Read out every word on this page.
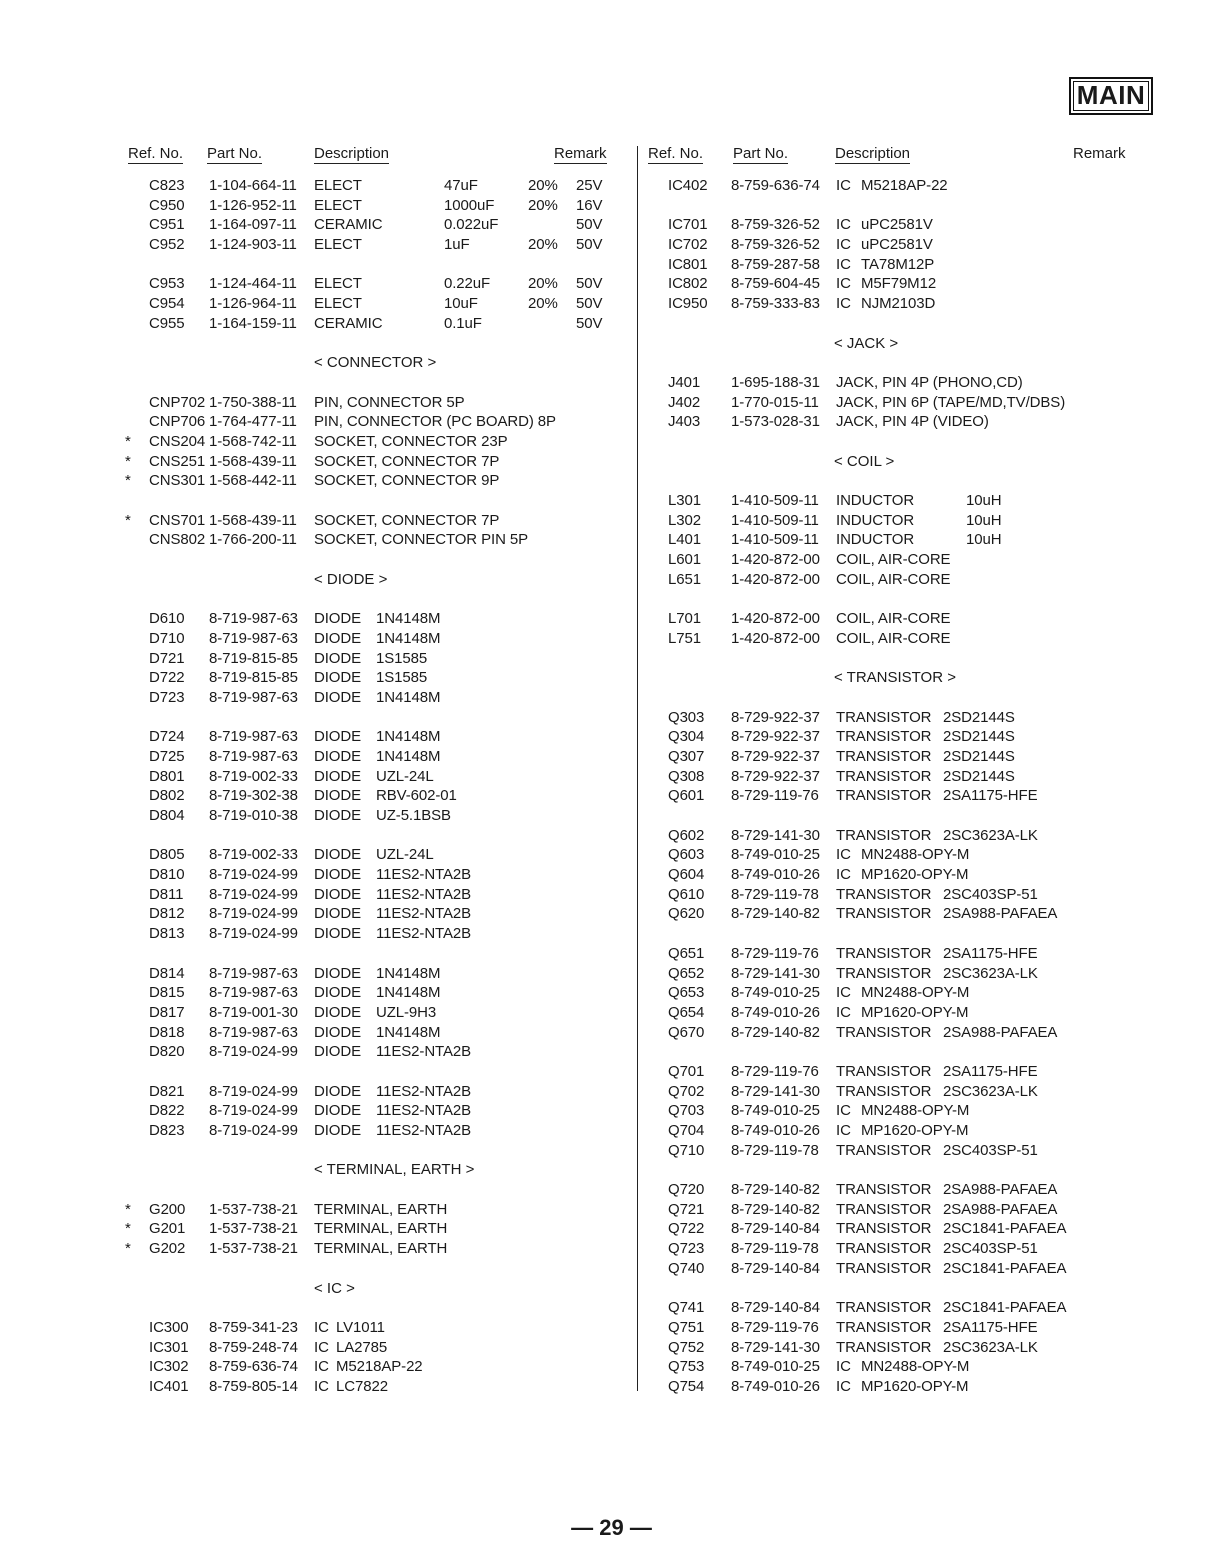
MAIN
Ref. No. Part No.	Description	Remark
C823 1-104-664-11 ELECT	47uF	20% 25V
C950 1-126-952-11 ELECT	1000uF 20% 16V
C951 1-164-097-11 CERAMIC	0.022uF	50V
C952 1-124-903-11 ELECT	1uF	20% 50V
C953 1-124-464-11 ELECT	0.22uF	20% 50V
C954 1-126-964-11 ELECT	10uF	20% 50V
C955 1-164-159-11 CERAMIC	0.1uF	50V
< CONNECTOR >
CNP702 1-750-388-11 PIN, CONNECTOR 5P
CNP706 1-764-477-11 PIN, CONNECTOR (PC BOARD) 8P
* CNS204 1-568-742-11 SOCKET, CONNECTOR 23P
* CNS251 1-568-439-11 SOCKET, CONNECTOR 7P
* CNS301 1-568-442-11 SOCKET, CONNECTOR 9P
* CNS701 1-568-439-11 SOCKET, CONNECTOR 7P
CNS802 1-766-200-11 SOCKET, CONNECTOR PIN 5P
< DIODE >
D610 8-719-987-63 DIODE 1N4148M
D710 8-719-987-63 DIODE 1N4148M
D721 8-719-815-85 DIODE 1S1585
D722 8-719-815-85 DIODE 1S1585
D723 8-719-987-63 DIODE 1N4148M
D724 8-719-987-63 DIODE 1N4148M
D725 8-719-987-63 DIODE 1N4148M
D801 8-719-002-33 DIODE UZL-24L
D802 8-719-302-38 DIODE RBV-602-01
D804 8-719-010-38 DIODE UZ-5.1BSB
D805 8-719-002-33 DIODE UZL-24L
D810 8-719-024-99 DIODE 11ES2-NTA2B
D811 8-719-024-99 DIODE 11ES2-NTA2B
D812 8-719-024-99 DIODE 11ES2-NTA2B
D813 8-719-024-99 DIODE 11ES2-NTA2B
D814 8-719-987-63 DIODE 1N4148M
D815 8-719-987-63 DIODE 1N4148M
D817 8-719-001-30 DIODE UZL-9H3
D818 8-719-987-63 DIODE 1N4148M
D820 8-719-024-99 DIODE 11ES2-NTA2B
D821 8-719-024-99 DIODE 11ES2-NTA2B
D822 8-719-024-99 DIODE 11ES2-NTA2B
D823 8-719-024-99 DIODE 11ES2-NTA2B
< TERMINAL, EARTH >
* G200 1-537-738-21 TERMINAL, EARTH
* G201 1-537-738-21 TERMINAL, EARTH
* G202 1-537-738-21 TERMINAL, EARTH
< IC >
IC300 8-759-341-23 IC LV1011
IC301 8-759-248-74 IC LA2785
IC302 8-759-636-74 IC M5218AP-22
IC401 8-759-805-14 IC LC7822
Ref. No. Part No.	Description	Remark
IC402 8-759-636-74 IC M5218AP-22
IC701 8-759-326-52 IC uPC2581V
IC702 8-759-326-52 IC uPC2581V
IC801 8-759-287-58 IC TA78M12P
IC802 8-759-604-45 IC M5F79M12
IC950 8-759-333-83 IC NJM2103D
< JACK >
J401 1-695-188-31 JACK, PIN 4P (PHONO,CD)
J402 1-770-015-11 JACK, PIN 6P (TAPE/MD,TV/DBS)
J403 1-573-028-31 JACK, PIN 4P (VIDEO)
< COIL >
L301 1-410-509-11 INDUCTOR	10uH
L302 1-410-509-11 INDUCTOR	10uH
L401 1-410-509-11 INDUCTOR	10uH
L601 1-420-872-00 COIL, AIR-CORE
L651 1-420-872-00 COIL, AIR-CORE
L701 1-420-872-00 COIL, AIR-CORE
L751 1-420-872-00 COIL, AIR-CORE
< TRANSISTOR >
Q303 8-729-922-37 TRANSISTOR 2SD2144S
Q304 8-729-922-37 TRANSISTOR 2SD2144S
Q307 8-729-922-37 TRANSISTOR 2SD2144S
Q308 8-729-922-37 TRANSISTOR 2SD2144S
Q601 8-729-119-76 TRANSISTOR 2SA1175-HFE
Q602 8-729-141-30 TRANSISTOR 2SC3623A-LK
Q603 8-749-010-25 IC MN2488-OPY-M
Q604 8-749-010-26 IC MP1620-OPY-M
Q610 8-729-119-78 TRANSISTOR 2SC403SP-51
Q620 8-729-140-82 TRANSISTOR 2SA988-PAFAEA
Q651 8-729-119-76 TRANSISTOR 2SA1175-HFE
Q652 8-729-141-30 TRANSISTOR 2SC3623A-LK
Q653 8-749-010-25 IC MN2488-OPY-M
Q654 8-749-010-26 IC MP1620-OPY-M
Q670 8-729-140-82 TRANSISTOR 2SA988-PAFAEA
Q701 8-729-119-76 TRANSISTOR 2SA1175-HFE
Q702 8-729-141-30 TRANSISTOR 2SC3623A-LK
Q703 8-749-010-25 IC MN2488-OPY-M
Q704 8-749-010-26 IC MP1620-OPY-M
Q710 8-729-119-78 TRANSISTOR 2SC403SP-51
Q720 8-729-140-82 TRANSISTOR 2SA988-PAFAEA
Q721 8-729-140-82 TRANSISTOR 2SA988-PAFAEA
Q722 8-729-140-84 TRANSISTOR 2SC1841-PAFAEA
Q723 8-729-119-78 TRANSISTOR 2SC403SP-51
Q740 8-729-140-84 TRANSISTOR 2SC1841-PAFAEA
Q741 8-729-140-84 TRANSISTOR 2SC1841-PAFAEA
Q751 8-729-119-76 TRANSISTOR 2SA1175-HFE
Q752 8-729-141-30 TRANSISTOR 2SC3623A-LK
Q753 8-749-010-25 IC MN2488-OPY-M
Q754 8-749-010-26 IC MP1620-OPY-M
— 29 —
